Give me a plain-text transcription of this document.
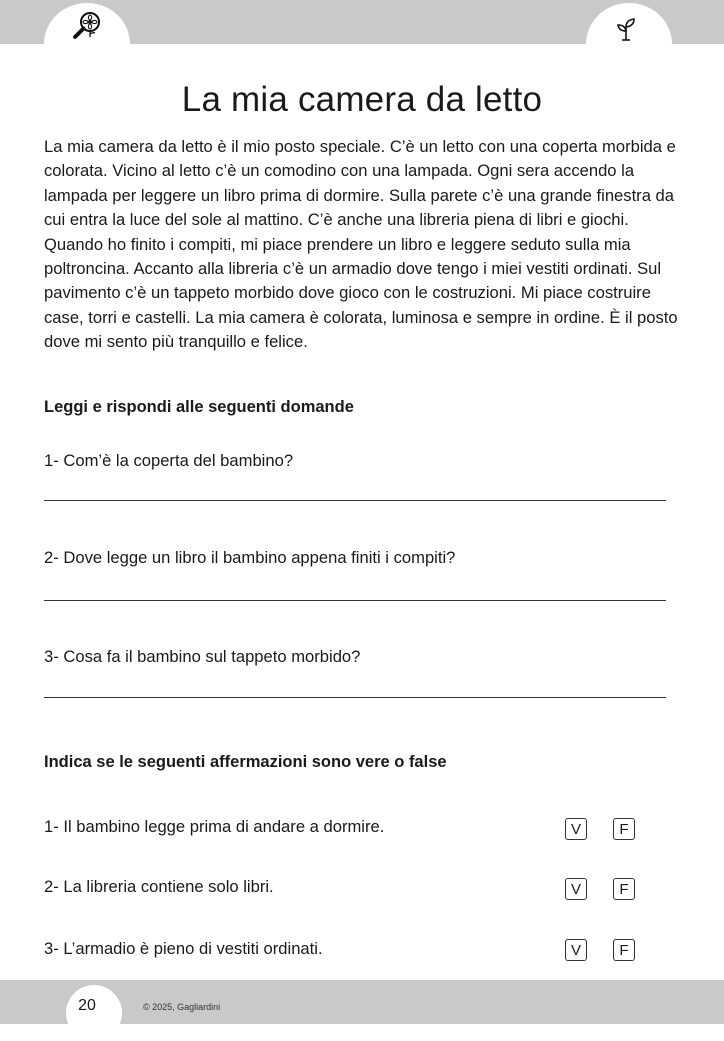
La mia camera da letto

La mia camera da letto è il mio posto speciale. C’è un letto con una coperta morbida e colorata. Vicino al letto c’è un comodino con una lampada. Ogni sera accendo la lampada per leggere un libro prima di dormire. Sulla parete c’è una grande finestra da cui entra la luce del sole al mattino. C’è anche una libreria piena di libri e giochi. Quando ho finito i compiti, mi piace prendere un libro e leggere seduto sulla mia poltroncina. Accanto alla libreria c’è un armadio dove tengo i miei vestiti ordinati. Sul pavimento c’è un tappeto morbido dove gioco con le costruzioni. Mi piace costruire case, torri e castelli. La mia camera è colorata, luminosa e sempre in ordine. È il posto dove mi sento più tranquillo e felice.

Leggi e rispondi alle seguenti domande

1- Com’è la coperta del bambino?

2- Dove legge un libro il bambino appena finiti i compiti?

3- Cosa fa il bambino sul tappeto morbido?

Indica se le seguenti affermazioni sono vere o false

1- Il bambino legge prima di andare a dormire.	V	F

2- La libreria contiene solo libri.	V	F

3- L’armadio è pieno di vestiti ordinati.	V	F
20	© 2025, Gagliardini
